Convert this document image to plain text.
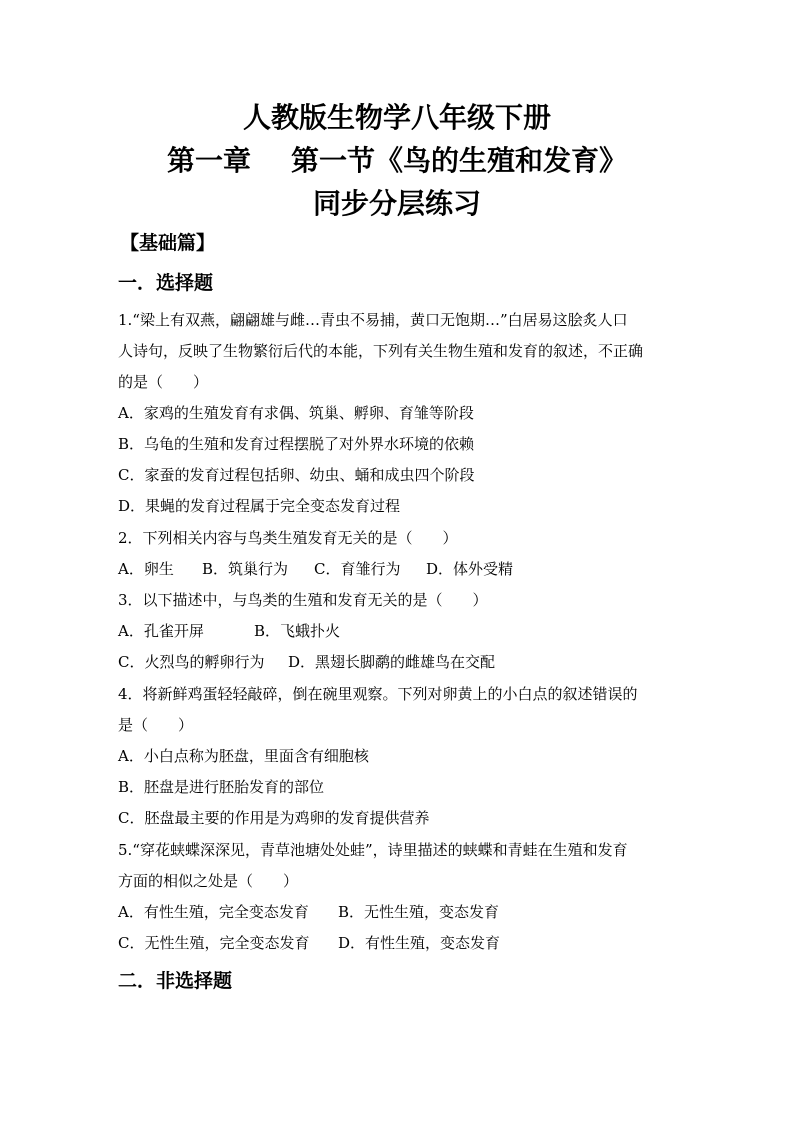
人教版生物学八年级下册
第一章 第一节《鸟的生殖和发育》
同步分层练习
【基础篇】
一．选择题
1.“梁上有双燕，翩翩雄与雌…青虫不易捕，黄口无饱期…”白居易这脍炙人口
人诗句，反映了生物繁衍后代的本能，下列有关生物生殖和发育的叙述，不正确
的是（　　）
A．家鸡的生殖发育有求偶、筑巢、孵卵、育雏等阶段
B．乌龟的生殖和发育过程摆脱了对外界水环境的依赖
C．家蚕的发育过程包括卵、幼虫、蛹和成虫四个阶段
D．果蝇的发育过程属于完全变态发育过程
2．下列相关内容与鸟类生殖发育无关的是（　　）
A．卵生 B．筑巢行为 C．育雏行为 D．体外受精
3．以下描述中，与鸟类的生殖和发育无关的是（　　）
A．孔雀开屏	B．飞蛾扑火
C．火烈鸟的孵卵行为 D．黑翅长脚鹬的雌雄鸟在交配
4．将新鲜鸡蛋轻轻敲碎，倒在碗里观察。下列对卵黄上的小白点的叙述错误的
是（　　）
A．小白点称为胚盘，里面含有细胞核
B．胚盘是进行胚胎发育的部位
C．胚盘最主要的作用是为鸡卵的发育提供营养
5.“穿花蛱蝶深深见，青草池塘处处蛙”，诗里描述的蛱蝶和青蛙在生殖和发育
方面的相似之处是（　　）
A．有性生殖，完全变态发育 B．无性生殖，变态发育
C．无性生殖，完全变态发育 D．有性生殖，变态发育
二．非选择题
